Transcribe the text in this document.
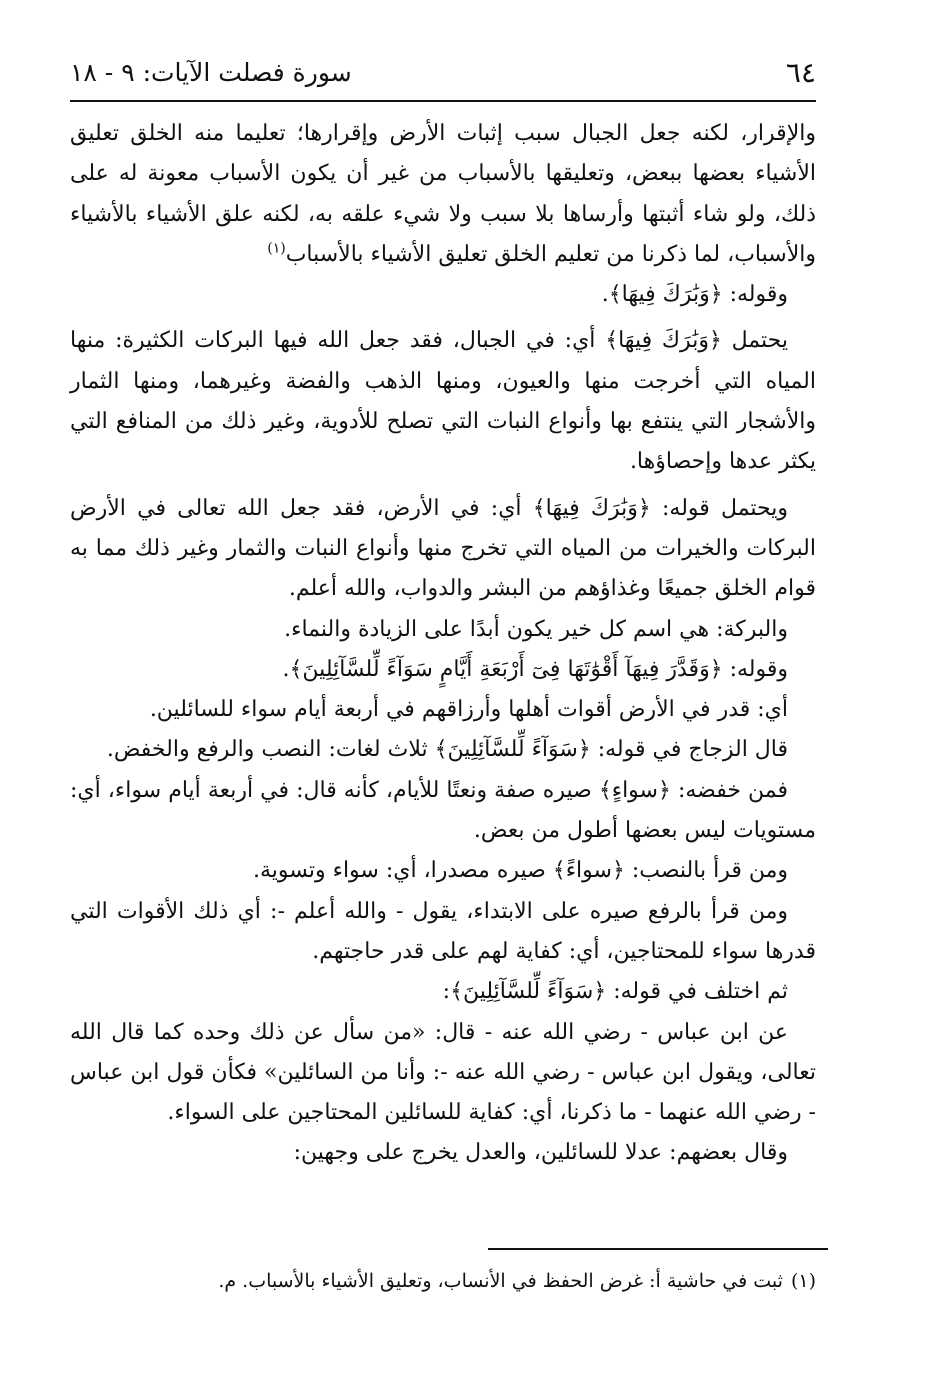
٦٤
سورة فصلت الآيات: ٩ - ١٨

والإقرار، لكنه جعل الجبال سبب إثبات الأرض وإقرارها؛ تعليما منه الخلق تعليق الأشياء بعضها ببعض، وتعليقها بالأسباب من غير أن يكون الأسباب معونة له على ذلك، ولو شاء أثبتها وأرساها بلا سبب ولا شيء علقه به، لكنه علق الأشياء بالأشياء والأسباب، لما ذكرنا من تعليم الخلق تعليق الأشياء بالأسباب$^{(١)}$

وقوله: ﴿وَبَٰرَكَ فِيهَا﴾.

يحتمل ﴿وَبَٰرَكَ فِيهَا﴾ أي: في الجبال، فقد جعل الله فيها البركات الكثيرة: منها المياه التي أخرجت منها والعيون، ومنها الذهب والفضة وغيرهما، ومنها الثمار والأشجار التي ينتفع بها وأنواع النبات التي تصلح للأدوية، وغير ذلك من المنافع التي يكثر عدها وإحصاؤها.

ويحتمل قوله: ﴿وَبَٰرَكَ فِيهَا﴾ أي: في الأرض، فقد جعل الله تعالى في الأرض البركات والخيرات من المياه التي تخرج منها وأنواع النبات والثمار وغير ذلك مما به قوام الخلق جميعًا وغذاؤهم من البشر والدواب، والله أعلم.

والبركة: هي اسم كل خير يكون أبدًا على الزيادة والنماء.

وقوله: ﴿وَقَدَّرَ فِيهَآ أَقْوَٰتَهَا فِىٓ أَرْبَعَةِ أَيَّامٍ سَوَآءً لِّلسَّآئِلِينَ﴾.

أي: قدر في الأرض أقوات أهلها وأرزاقهم في أربعة أيام سواء للسائلين.

قال الزجاج في قوله: ﴿سَوَآءً لِّلسَّآئِلِينَ﴾ ثلاث لغات: النصب والرفع والخفض.

فمن خفضه: ﴿سواءٍ﴾ صيره صفة ونعتًا للأيام، كأنه قال: في أربعة أيام سواء، أي: مستويات ليس بعضها أطول من بعض.

ومن قرأ بالنصب: ﴿سواءً﴾ صيره مصدرا، أي: سواء وتسوية.

ومن قرأ بالرفع صيره على الابتداء، يقول - والله أعلم -: أي ذلك الأقوات التي قدرها سواء للمحتاجين، أي: كفاية لهم على قدر حاجتهم.

ثم اختلف في قوله: ﴿سَوَآءً لِّلسَّآئِلِينَ﴾:

عن ابن عباس - رضي الله عنه - قال: «من سأل عن ذلك وحده كما قال الله تعالى، ويقول ابن عباس - رضي الله عنه -: وأنا من السائلين» فكأن قول ابن عباس - رضي الله عنهما - ما ذكرنا، أي: كفاية للسائلين المحتاجين على السواء.

وقال بعضهم: عدلا للسائلين، والعدل يخرج على وجهين:

(١)ثبت في حاشية أ: غرض الحفظ في الأنساب، وتعليق الأشياء بالأسباب. م.
